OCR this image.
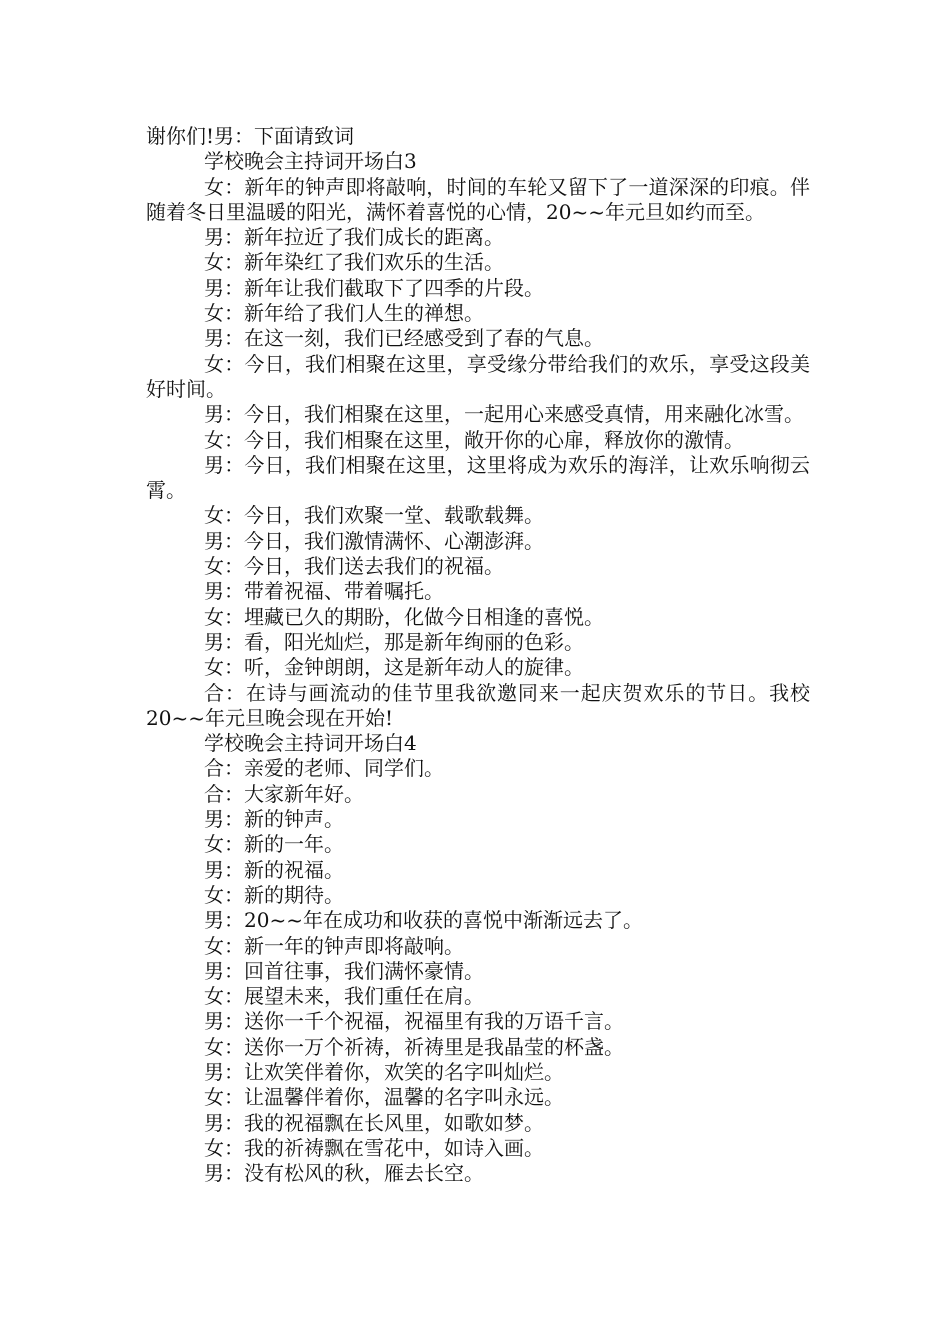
谢你们!男：下面请致词

学校晚会主持词开场白3

女：新年的钟声即将敲响，时间的车轮又留下了一道深深的印痕。伴随着冬日里温暖的阳光，满怀着喜悦的心情，20~~年元旦如约而至。

男：新年拉近了我们成长的距离。

女：新年染红了我们欢乐的生活。

男：新年让我们截取下了四季的片段。

女：新年给了我们人生的禅想。

男：在这一刻，我们已经感受到了春的气息。

女：今日，我们相聚在这里，享受缘分带给我们的欢乐，享受这段美好时间。

男：今日，我们相聚在这里，一起用心来感受真情，用来融化冰雪。

女：今日，我们相聚在这里，敞开你的心扉，释放你的激情。

男：今日，我们相聚在这里，这里将成为欢乐的海洋，让欢乐响彻云霄。

女：今日，我们欢聚一堂、载歌载舞。

男：今日，我们激情满怀、心潮澎湃。

女：今日，我们送去我们的祝福。

男：带着祝福、带着嘱托。

女：埋藏已久的期盼，化做今日相逢的喜悦。

男：看，阳光灿烂，那是新年绚丽的色彩。

女：听，金钟朗朗，这是新年动人的旋律。

合：在诗与画流动的佳节里我欲邀同来一起庆贺欢乐的节日。我校20~~年元旦晚会现在开始!

学校晚会主持词开场白4

合：亲爱的老师、同学们。

合：大家新年好。

男：新的钟声。

女：新的一年。

男：新的祝福。

女：新的期待。

男：20~~年在成功和收获的喜悦中渐渐远去了。

女：新一年的钟声即将敲响。

男：回首往事，我们满怀豪情。

女：展望未来，我们重任在肩。

男：送你一千个祝福，祝福里有我的万语千言。

女：送你一万个祈祷，祈祷里是我晶莹的杯盏。

男：让欢笑伴着你，欢笑的名字叫灿烂。

女：让温馨伴着你，温馨的名字叫永远。

男：我的祝福飘在长风里，如歌如梦。

女：我的祈祷飘在雪花中，如诗入画。

男：没有松风的秋，雁去长空。
